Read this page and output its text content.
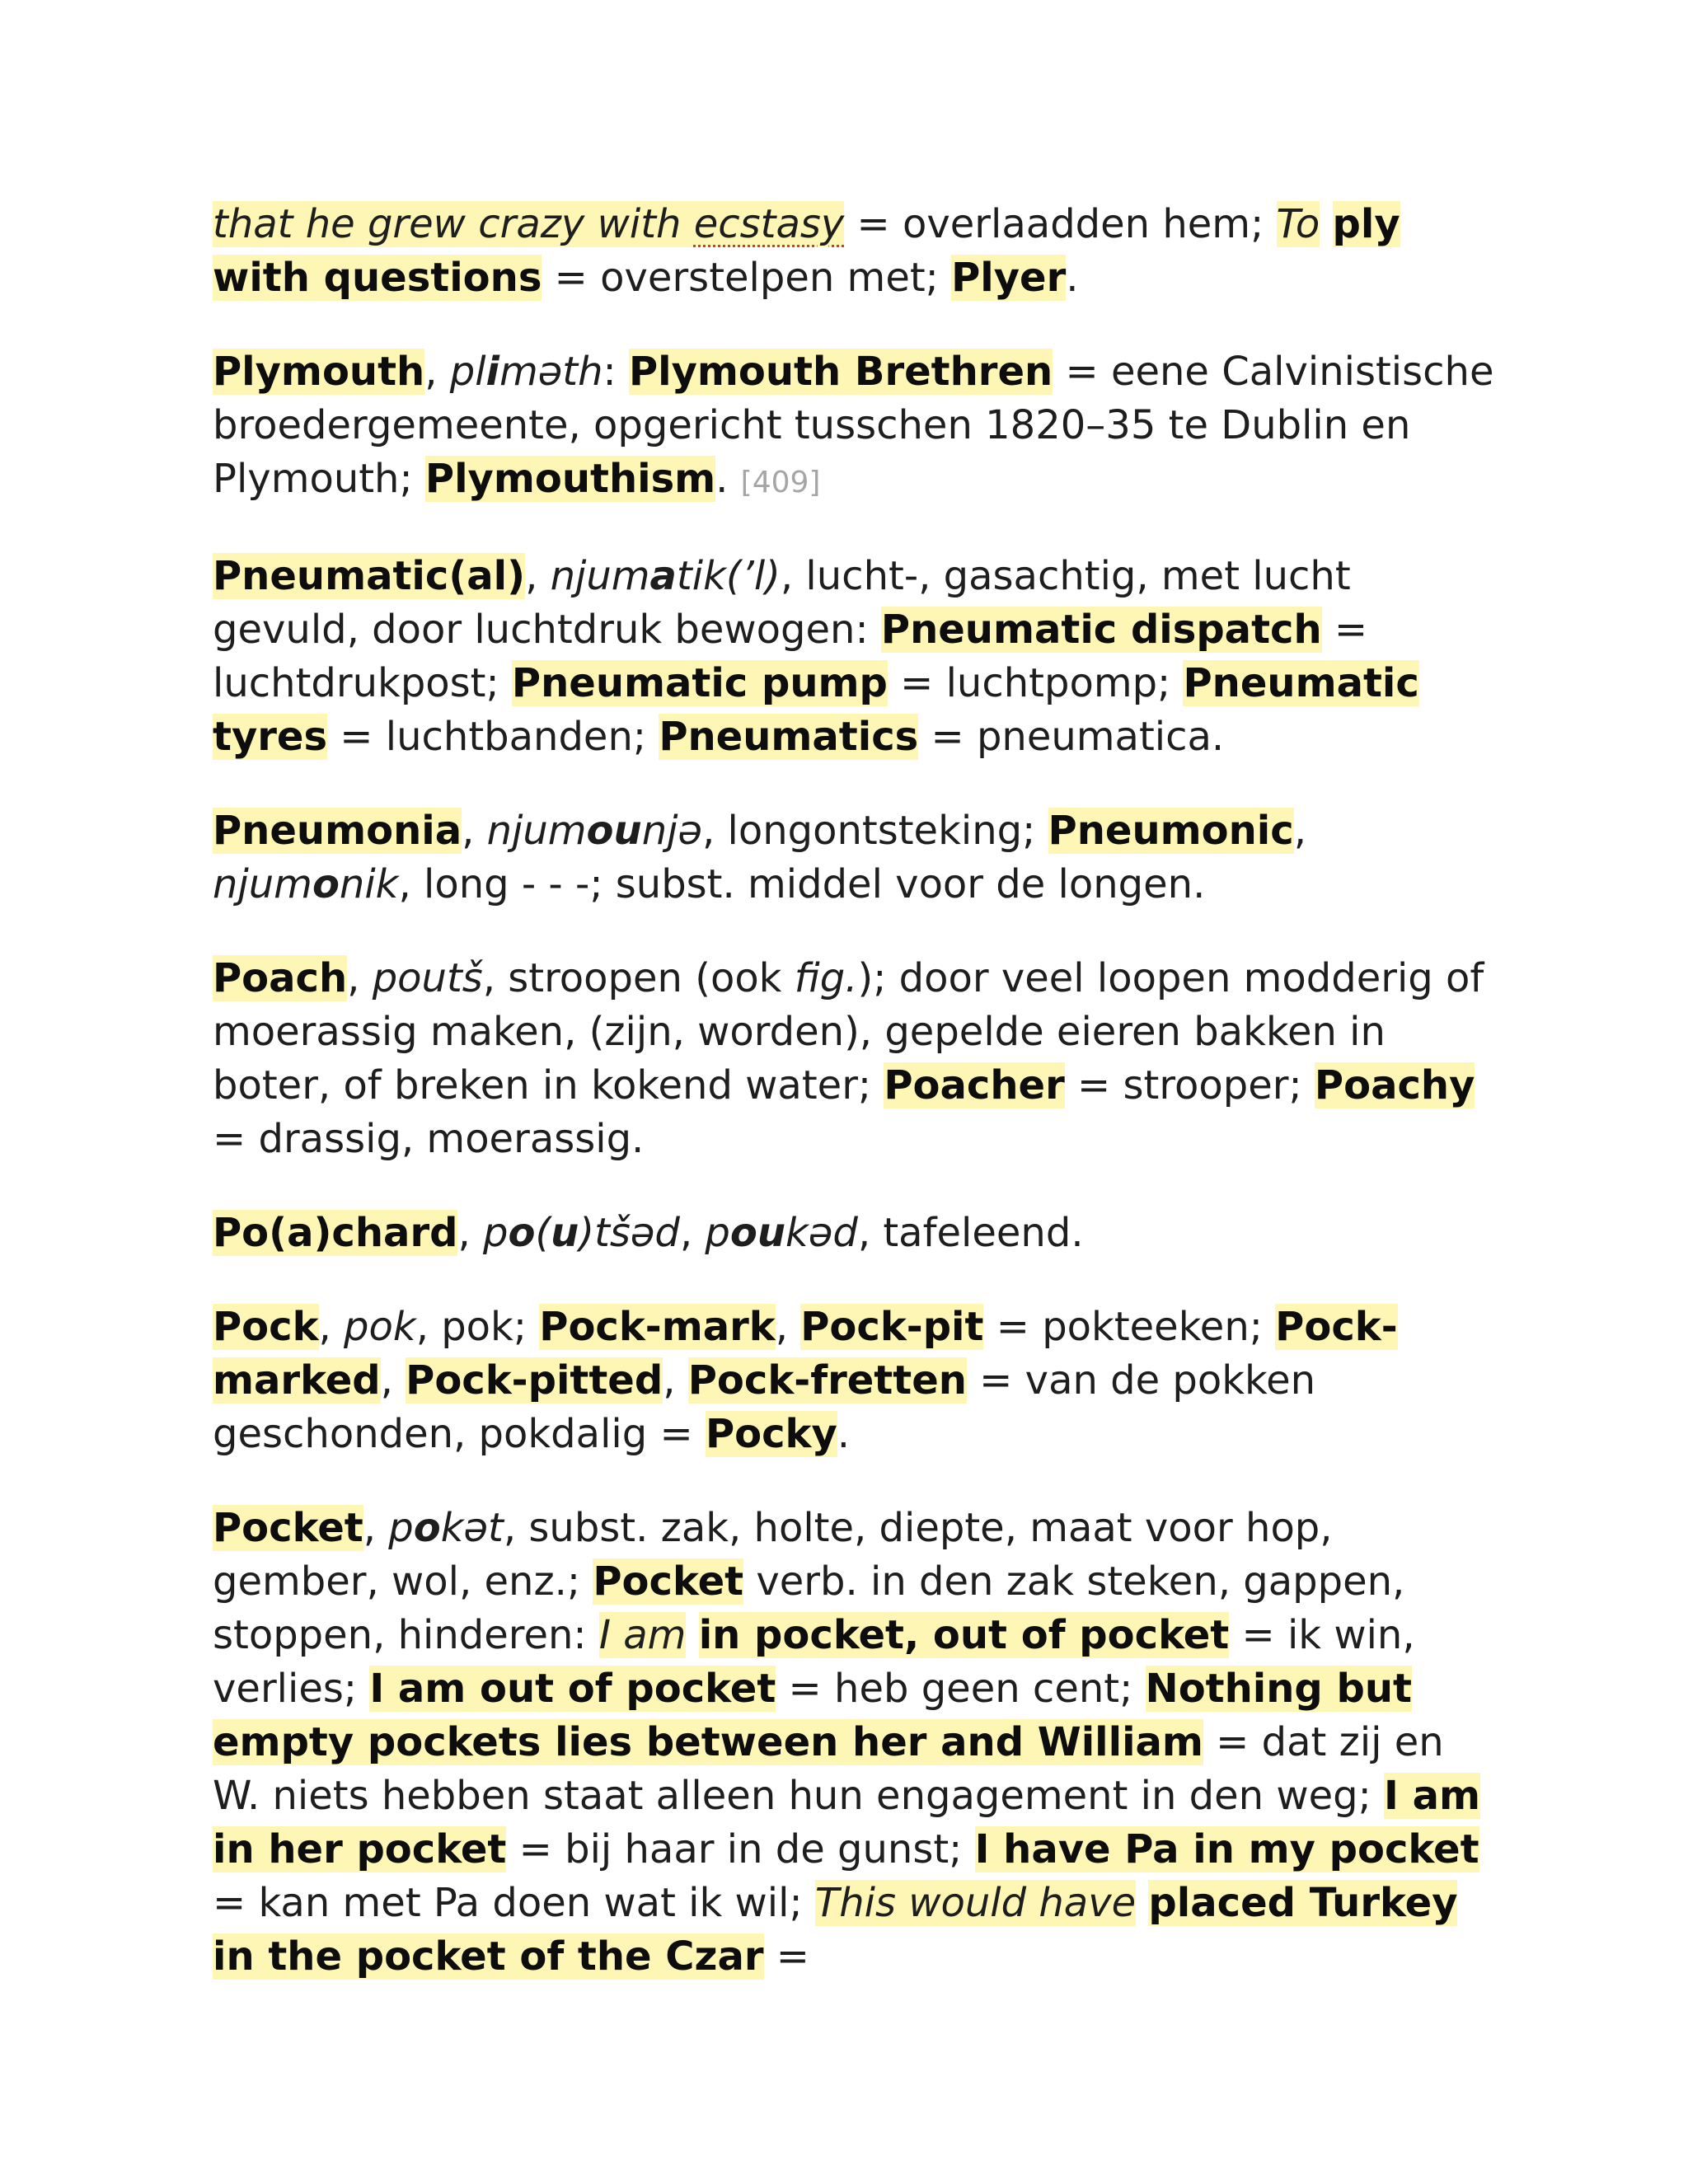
that he grew crazy with ecstasy = overlaadden hem; To ply with questions = overstelpen met; Plyer.

Plymouth, pliməth: Plymouth Brethren = eene Calvinistische broedergemeente, opgericht tusschen 1820–35 te Dublin en Plymouth; Plymouthism. [409]

Pneumatic(al), njumatik(’l), lucht-, gasachtig, met lucht gevuld, door luchtdruk bewogen: Pneumatic dispatch = luchtdrukpost; Pneumatic pump = luchtpomp; Pneumatic tyres = luchtbanden; Pneumatics = pneumatica.

Pneumonia, njumounjə, longontsteking; Pneumonic, njumonik, long - - -; subst. middel voor de longen.

Poach, poutš, stroopen (ook fig.); door veel loopen modderig of moerassig maken, (zijn, worden), gepelde eieren bakken in boter, of breken in kokend water; Poacher = strooper; Poachy = drassig, moerassig.

Po(a)chard, po(u)tšəd, poukəd, tafeleend.

Pock, pok, pok; Pock-mark, Pock-pit = pokteeken; Pock-marked, Pock-pitted, Pock-fretten = van de pokken geschonden, pokdalig = Pocky.

Pocket, pokət, subst. zak, holte, diepte, maat voor hop, gember, wol, enz.; Pocket verb. in den zak steken, gappen, stoppen, hinderen: I am in pocket, out of pocket = ik win, verlies; I am out of pocket = heb geen cent; Nothing but empty pockets lies between her and William = dat zij en W. niets hebben staat alleen hun engagement in den weg; I am in her pocket = bij haar in de gunst; I have Pa in my pocket = kan met Pa doen wat ik wil; This would have placed Turkey in the pocket of the Czar =
